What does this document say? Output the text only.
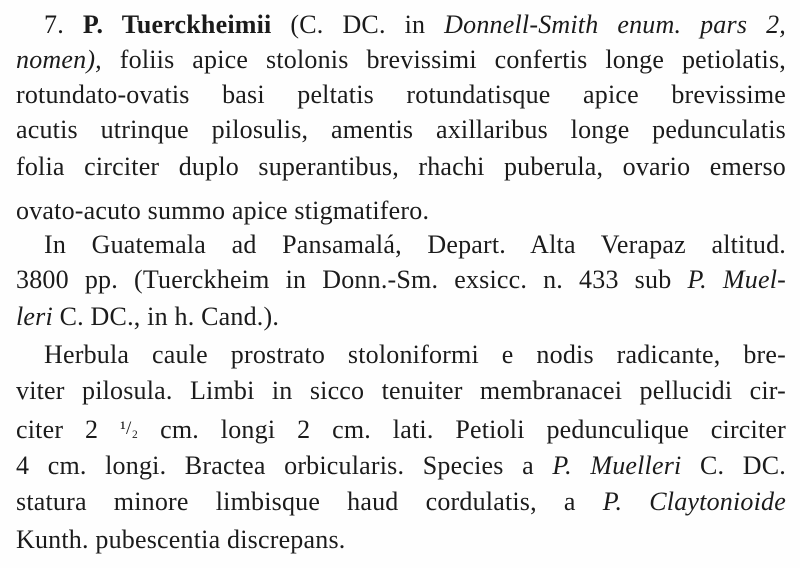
7. P. Tuerckheimii (C. DC. in Donnell-Smith enum. pars 2,
nomen), foliis apice stolonis brevissimi confertis longe petiolatis,
rotundato-ovatis basi peltatis rotundatisque apice brevissime
acutis utrinque pilosulis, amentis axillaribus longe pedunculatis
folia circiter duplo superantibus, rhachi puberula, ovario emerso
ovato-acuto summo apice stigmatifero.
In Guatemala ad Pansamalá, Depart. Alta Verapaz altitud.
3800 pp. (Tuerckheim in Donn.-Sm. exsicc. n. 433 sub P. Muel-
leri C. DC., in h. Cand.).
Herbula caule prostrato stoloniformi e nodis radicante, bre-
viter pilosula. Limbi in sicco tenuiter membranacei pellucidi cir-
citer 2 ¹/₂ cm. longi 2 cm. lati. Petioli pedunculique circiter
4 cm. longi. Bractea orbicularis. Species a P. Muelleri C. DC.
statura minore limbisque haud cordulatis, a P. Claytonioide
Kunth. pubescentia discrepans.
